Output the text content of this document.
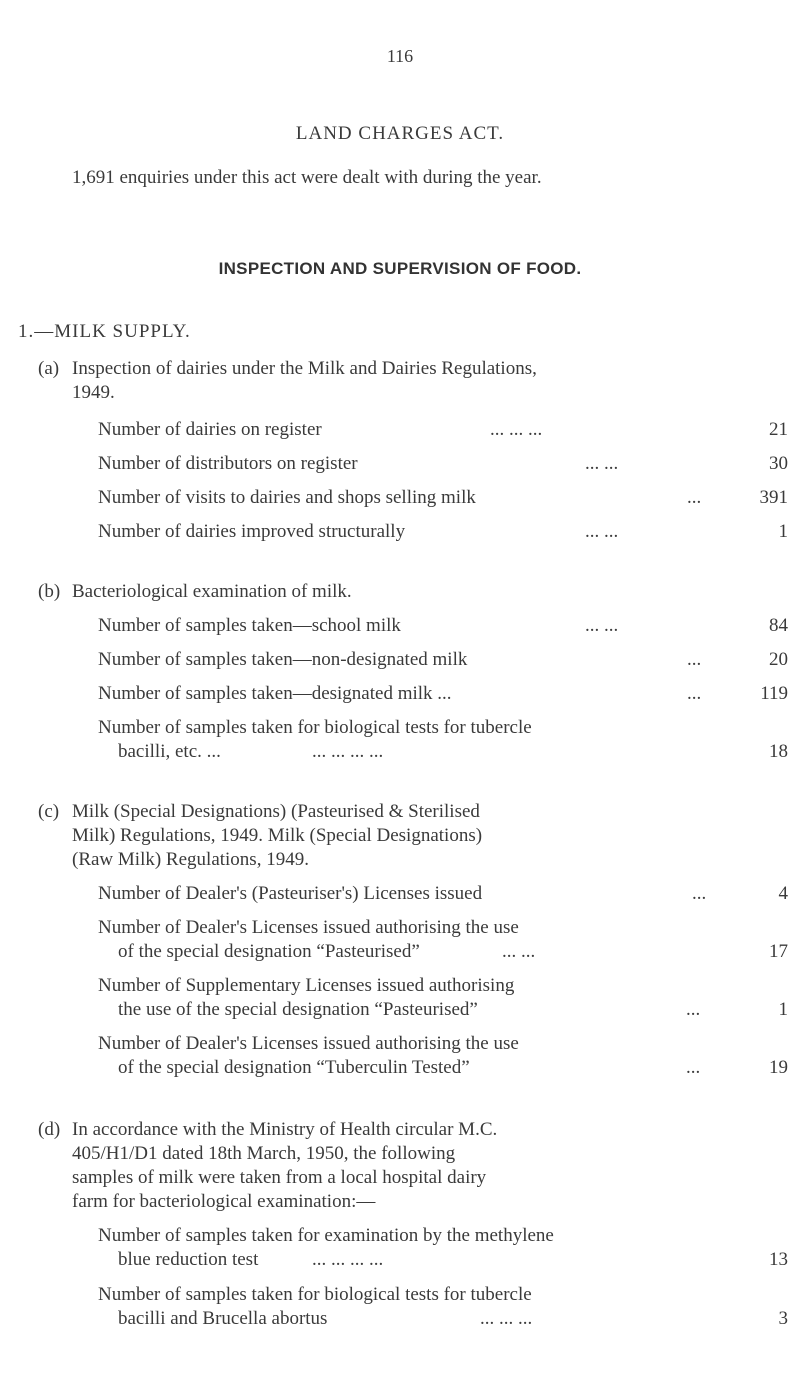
116
LAND CHARGES ACT.
1,691 enquiries under this act were dealt with during the year.
INSPECTION AND SUPERVISION OF FOOD.
1.—MILK SUPPLY.
(a) Inspection of dairies under the Milk and Dairies Regulations,
1949.
Number of dairies on register	... ... ...	21
Number of distributors on register	... ...	30
Number of visits to dairies and shops selling milk	...	391
Number of dairies improved structurally	... ...	1
(b) Bacteriological examination of milk.
Number of samples taken—school milk	... ...	84
Number of samples taken—non-designated milk	...	20
Number of samples taken—designated milk ...	...	119
Number of samples taken for biological tests for tubercle
bacilli, etc. ...	... ... ... ...	18
(c) Milk (Special Designations) (Pasteurised & Sterilised
Milk) Regulations, 1949. Milk (Special Designations)
(Raw Milk) Regulations, 1949.
Number of Dealer's (Pasteuriser's) Licenses issued	...	4
Number of Dealer's Licenses issued authorising the use
of the special designation “Pasteurised”	... ...	17
Number of Supplementary Licenses issued authorising
the use of the special designation “Pasteurised”	...	1
Number of Dealer's Licenses issued authorising the use
of the special designation “Tuberculin Tested”	...	19
(d) In accordance with the Ministry of Health circular M.C.
405/H1/D1 dated 18th March, 1950, the following
samples of milk were taken from a local hospital dairy
farm for bacteriological examination:—
Number of samples taken for examination by the methylene
blue reduction test	... ... ... ...	13
Number of samples taken for biological tests for tubercle
bacilli and Brucella abortus	... ... ...	3
